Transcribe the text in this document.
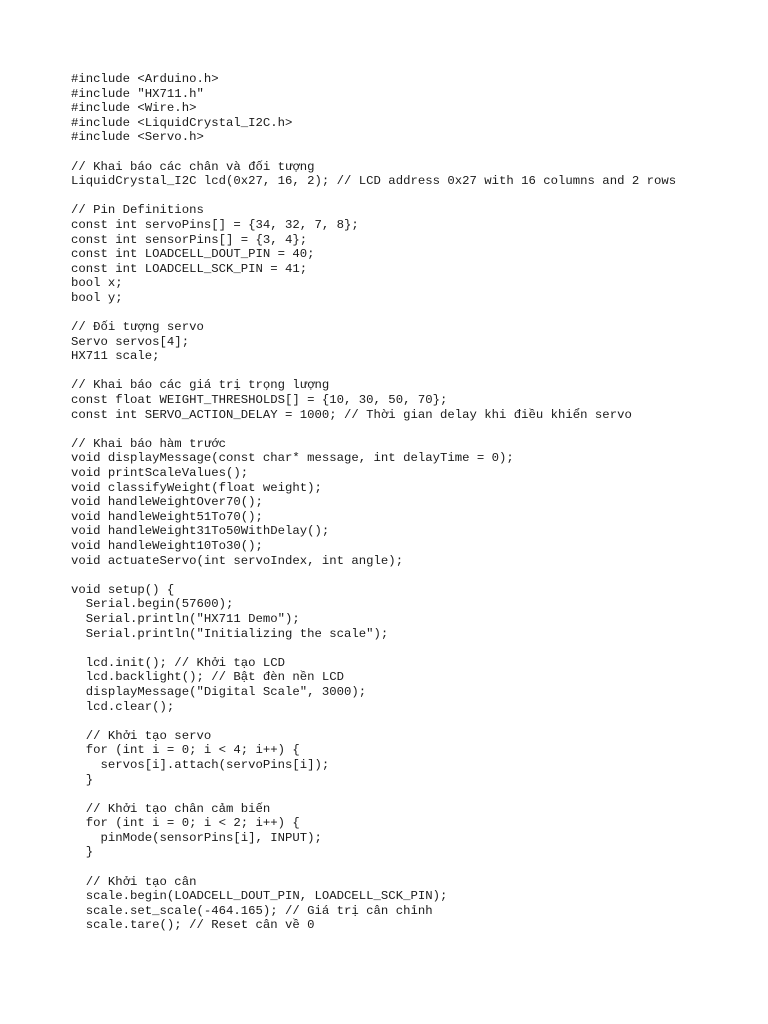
#include <Arduino.h>
#include "HX711.h"
#include <Wire.h>
#include <LiquidCrystal_I2C.h>
#include <Servo.h>
// Khai báo các chân và đối tượng
LiquidCrystal_I2C lcd(0x27, 16, 2); // LCD address 0x27 with 16 columns and 2 rows
// Pin Definitions
const int servoPins[] = {34, 32, 7, 8};
const int sensorPins[] = {3, 4};
const int LOADCELL_DOUT_PIN = 40;
const int LOADCELL_SCK_PIN = 41;
bool x;
bool y;
// Đối tượng servo
Servo servos[4];
HX711 scale;
// Khai báo các giá trị trọng lượng
const float WEIGHT_THRESHOLDS[] = {10, 30, 50, 70};
const int SERVO_ACTION_DELAY = 1000; // Thời gian delay khi điều khiển servo
// Khai báo hàm trước
void displayMessage(const char* message, int delayTime = 0);
void printScaleValues();
void classifyWeight(float weight);
void handleWeightOver70();
void handleWeight51To70();
void handleWeight31To50WithDelay();
void handleWeight10To30();
void actuateServo(int servoIndex, int angle);
void setup() {
Serial.begin(57600);
Serial.println("HX711 Demo");
Serial.println("Initializing the scale");
lcd.init(); // Khởi tạo LCD
lcd.backlight(); // Bật đèn nền LCD
displayMessage("Digital Scale", 3000);
lcd.clear();
// Khởi tạo servo
for (int i = 0; i < 4; i++) {
servos[i].attach(servoPins[i]);
}
// Khởi tạo chân cảm biến
for (int i = 0; i < 2; i++) {
pinMode(sensorPins[i], INPUT);
}
// Khởi tạo cân
scale.begin(LOADCELL_DOUT_PIN, LOADCELL_SCK_PIN);
scale.set_scale(-464.165); // Giá trị cân chỉnh
scale.tare(); // Reset cân về 0
